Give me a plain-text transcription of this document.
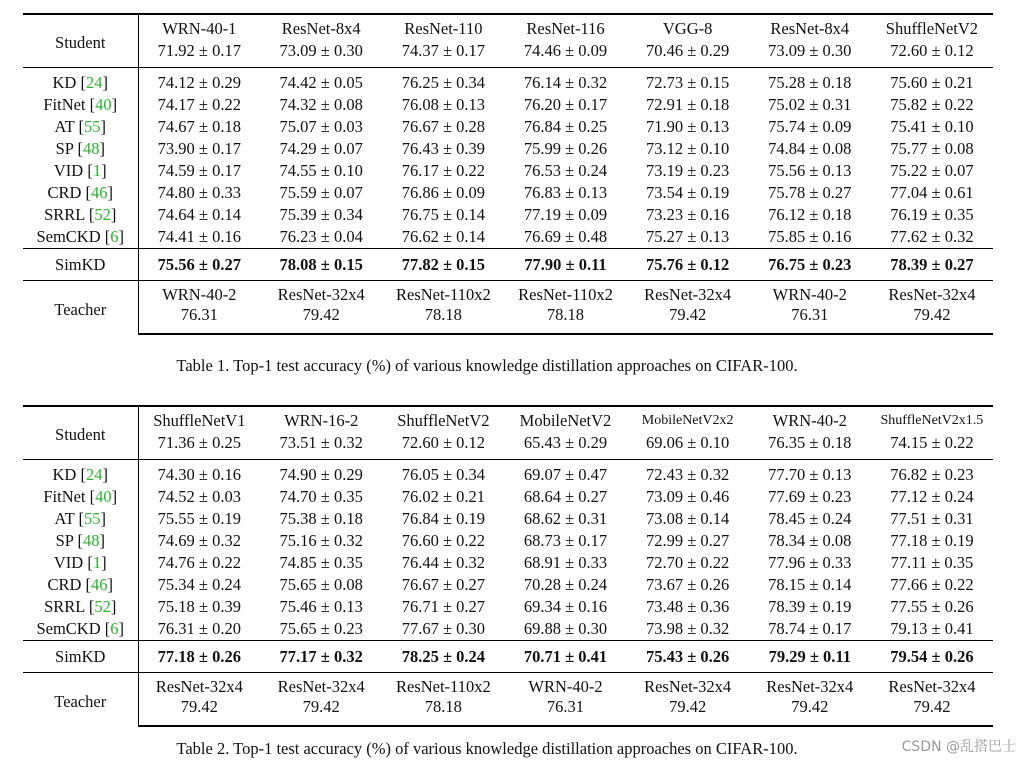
Student	WRN-40-1	ResNet-8x4	ResNet-110	ResNet-116	VGG-8	ResNet-8x4	ShuffleNetV2
	71.92 ± 0.17	73.09 ± 0.30	74.37 ± 0.17	74.46 ± 0.09	70.46 ± 0.29	73.09 ± 0.30	72.60 ± 0.12
KD [24]	74.12 ± 0.29	74.42 ± 0.05	76.25 ± 0.34	76.14 ± 0.32	72.73 ± 0.15	75.28 ± 0.18	75.60 ± 0.21
FitNet [40]	74.17 ± 0.22	74.32 ± 0.08	76.08 ± 0.13	76.20 ± 0.17	72.91 ± 0.18	75.02 ± 0.31	75.82 ± 0.22
AT [55]	74.67 ± 0.18	75.07 ± 0.03	76.67 ± 0.28	76.84 ± 0.25	71.90 ± 0.13	75.74 ± 0.09	75.41 ± 0.10
SP [48]	73.90 ± 0.17	74.29 ± 0.07	76.43 ± 0.39	75.99 ± 0.26	73.12 ± 0.10	74.84 ± 0.08	75.77 ± 0.08
VID [1]	74.59 ± 0.17	74.55 ± 0.10	76.17 ± 0.22	76.53 ± 0.24	73.19 ± 0.23	75.56 ± 0.13	75.22 ± 0.07
CRD [46]	74.80 ± 0.33	75.59 ± 0.07	76.86 ± 0.09	76.83 ± 0.13	73.54 ± 0.19	75.78 ± 0.27	77.04 ± 0.61
SRRL [52]	74.64 ± 0.14	75.39 ± 0.34	76.75 ± 0.14	77.19 ± 0.09	73.23 ± 0.16	76.12 ± 0.18	76.19 ± 0.35
SemCKD [6]	74.41 ± 0.16	76.23 ± 0.04	76.62 ± 0.14	76.69 ± 0.48	75.27 ± 0.13	75.85 ± 0.16	77.62 ± 0.32
SimKD	75.56 ± 0.27	78.08 ± 0.15	77.82 ± 0.15	77.90 ± 0.11	75.76 ± 0.12	76.75 ± 0.23	78.39 ± 0.27
Teacher	WRN-40-2	ResNet-32x4	ResNet-110x2	ResNet-110x2	ResNet-32x4	WRN-40-2	ResNet-32x4
	76.31	79.42	78.18	78.18	79.42	76.31	79.42
Table 1. Top-1 test accuracy (%) of various knowledge distillation approaches on CIFAR-100.
Student	ShuffleNetV1	WRN-16-2	ShuffleNetV2	MobileNetV2	MobileNetV2x2	WRN-40-2	ShuffleNetV2x1.5
	71.36 ± 0.25	73.51 ± 0.32	72.60 ± 0.12	65.43 ± 0.29	69.06 ± 0.10	76.35 ± 0.18	74.15 ± 0.22
KD [24]	74.30 ± 0.16	74.90 ± 0.29	76.05 ± 0.34	69.07 ± 0.47	72.43 ± 0.32	77.70 ± 0.13	76.82 ± 0.23
FitNet [40]	74.52 ± 0.03	74.70 ± 0.35	76.02 ± 0.21	68.64 ± 0.27	73.09 ± 0.46	77.69 ± 0.23	77.12 ± 0.24
AT [55]	75.55 ± 0.19	75.38 ± 0.18	76.84 ± 0.19	68.62 ± 0.31	73.08 ± 0.14	78.45 ± 0.24	77.51 ± 0.31
SP [48]	74.69 ± 0.32	75.16 ± 0.32	76.60 ± 0.22	68.73 ± 0.17	72.99 ± 0.27	78.34 ± 0.08	77.18 ± 0.19
VID [1]	74.76 ± 0.22	74.85 ± 0.35	76.44 ± 0.32	68.91 ± 0.33	72.70 ± 0.22	77.96 ± 0.33	77.11 ± 0.35
CRD [46]	75.34 ± 0.24	75.65 ± 0.08	76.67 ± 0.27	70.28 ± 0.24	73.67 ± 0.26	78.15 ± 0.14	77.66 ± 0.22
SRRL [52]	75.18 ± 0.39	75.46 ± 0.13	76.71 ± 0.27	69.34 ± 0.16	73.48 ± 0.36	78.39 ± 0.19	77.55 ± 0.26
SemCKD [6]	76.31 ± 0.20	75.65 ± 0.23	77.67 ± 0.30	69.88 ± 0.30	73.98 ± 0.32	78.74 ± 0.17	79.13 ± 0.41
SimKD	77.18 ± 0.26	77.17 ± 0.32	78.25 ± 0.24	70.71 ± 0.41	75.43 ± 0.26	79.29 ± 0.11	79.54 ± 0.26
Teacher	ResNet-32x4	ResNet-32x4	ResNet-110x2	WRN-40-2	ResNet-32x4	ResNet-32x4	ResNet-32x4
	79.42	79.42	78.18	76.31	79.42	79.42	79.42
Table 2. Top-1 test accuracy (%) of various knowledge distillation approaches on CIFAR-100.	CSDN @乱搭巴士
